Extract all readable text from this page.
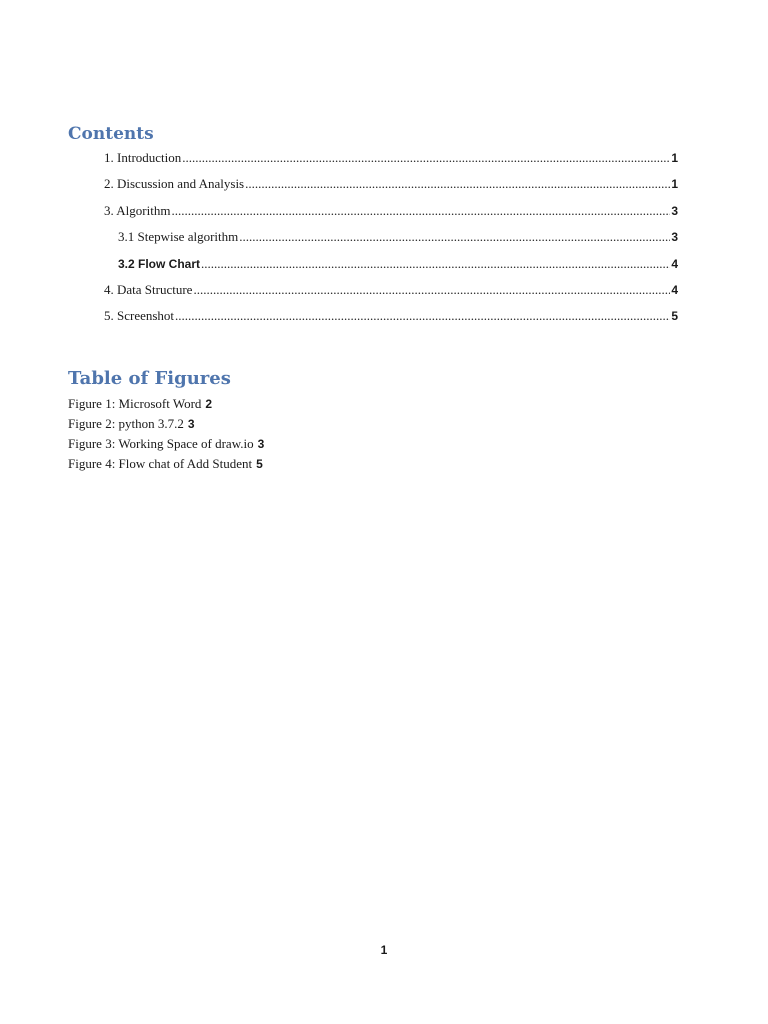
Contents
1. Introduction .....	1
2. Discussion and Analysis .....	1
3. Algorithm .....	3
3.1 Stepwise algorithm .....	3
3.2 Flow Chart .....	4
4. Data Structure .....	4
5. Screenshot .....	5
Table of Figures
Figure 1: Microsoft Word 2
Figure 2: python 3.7.2 3
Figure 3: Working Space of draw.io 3
Figure 4: Flow chat of Add Student 5
1
